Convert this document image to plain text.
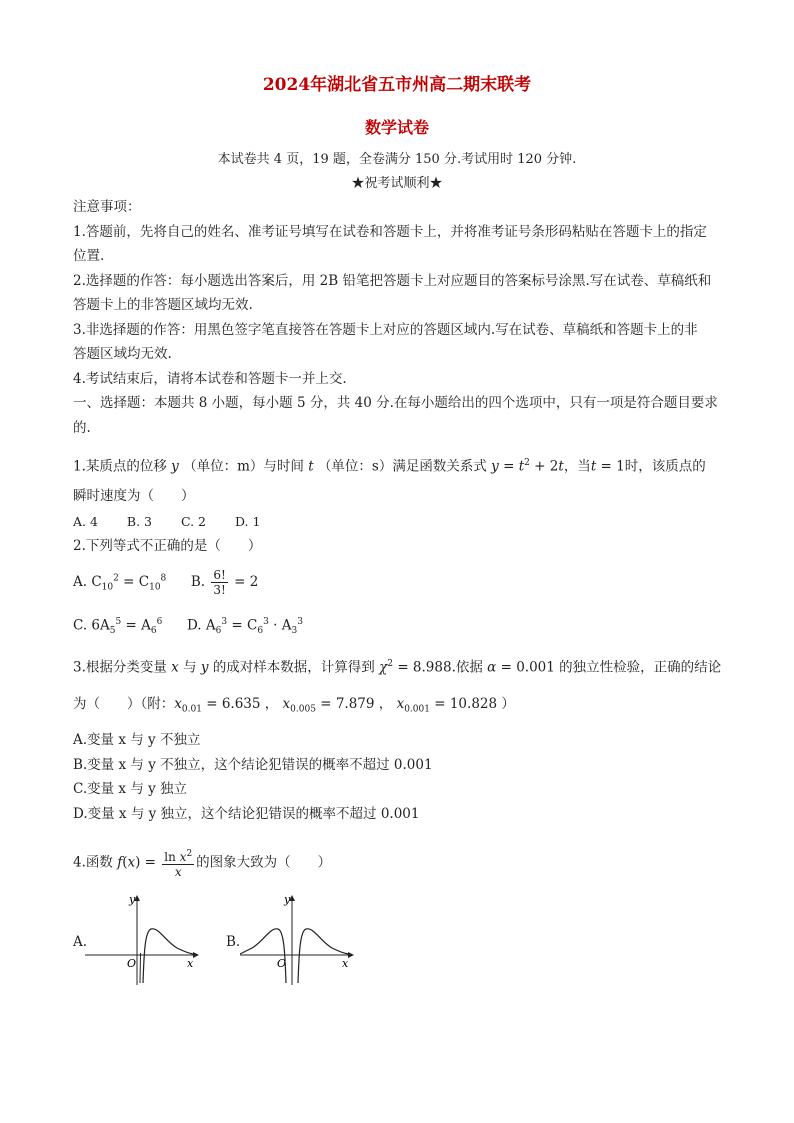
2024年湖北省五市州高二期末联考
数学试卷
本试卷共 4 页，19 题，全卷满分 150 分.考试用时 120 分钟.
★祝考试顺利★
注意事项：
1.答题前，先将自己的姓名、准考证号填写在试卷和答题卡上，并将准考证号条形码粘贴在答题卡上的指定
位置.
2.选择题的作答：每小题选出答案后，用 2B 铅笔把答题卡上对应题目的答案标号涂黑.写在试卷、草稿纸和
答题卡上的非答题区域均无效.
3.非选择题的作答：用黑色签字笔直接答在答题卡上对应的答题区域内.写在试卷、草稿纸和答题卡上的非
答题区域均无效.
4.考试结束后，请将本试卷和答题卡一并上交.
一、选择题：本题共 8 小题，每小题 5 分，共 40 分.在每小题给出的四个选项中，只有一项是符合题目要求
的.
1.某质点的位移 y （单位：m）与时间 t （单位：s）满足函数关系式 $y = t^2 + 2t$，当t = 1时，该质点的
瞬时速度为（　　）
A. 4　　 B. 3　　 C. 2　　 D. 1
2.下列等式不正确的是（　　）
A. $C_{10}^2 = C_{10}^8$ B. $\frac{6!}{3!} = 2$
C. $6A_5^5 = A_6^6$ D. $A_6^3 = C_6^3 \cdot A_3^3$
3.根据分类变量 x 与 y 的成对样本数据，计算得到 $\chi^2 = 8.988$.依据 α = 0.001 的独立性检验，正确的结论
为（　　）（附：$x_{0.01} = 6.635$ ， $x_{0.005} = 7.879$ ， $x_{0.001} = 10.828$ ）
A.变量 x 与 y 不独立
B.变量 x 与 y 不独立，这个结论犯错误的概率不超过 0.001
C.变量 x 与 y 独立
D.变量 x 与 y 独立，这个结论犯错误的概率不超过 0.001
4.函数 $f(x) = \frac{\ln x^2}{x}$ 的图象大致为（　　）
A.
y
O	x
B.
y
O	x
